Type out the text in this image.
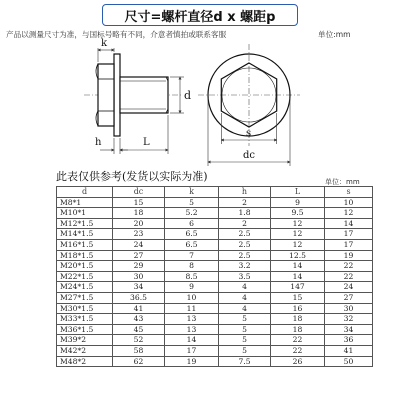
尺寸=螺杆直径d x 螺距p
产品以测量尺寸为准，与国标号略有不同，介意者慎拍或联系客服	单位:mm
k
d
h	L
s
dc
此表仅供参考(发货以实际为准)	单位：mm
d	dc	k	h	L	s
M8*1	15	5	2	9	10
M10*1	18	5.2	1.8	9.5	12
M12*1.5	20	6	2	12	14
M14*1.5	23	6.5	2.5	12	17
M16*1.5	24	6.5	2.5	12	17
M18*1.5	27	7	2.5	12.5	19
M20*1.5	29	8	3.2	14	22
M22*1.5	30	8.5	3.5	14	22
M24*1.5	34	9	4	147	24
M27*1.5	36.5	10	4	15	27
M30*1.5	41	11	4	16	30
M33*1.5	43	13	5	18	32
M36*1.5	45	13	5	18	34
M39*2	52	14	5	22	36
M42*2	58	17	5	22	41
M48*2	62	19	7.5	26	50
